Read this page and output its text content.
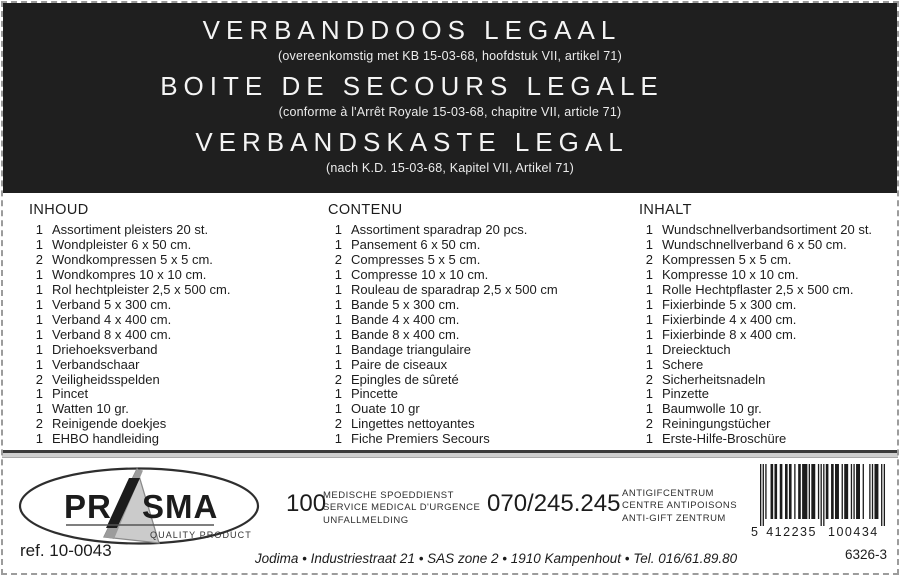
VERBANDDOOS LEGAAL
(overeenkomstig met KB 15-03-68, hoofdstuk VII, artikel 71)
BOITE DE SECOURS LEGALE
(conforme à l'Arrêt Royale 15-03-68, chapitre VII, article 71)
VERBANDSKASTE LEGAL
(nach K.D. 15-03-68, Kapitel VII, Artikel 71)
INHOUD
1 Assortiment pleisters 20 st.
1 Wondpleister 6 x 50 cm.
2 Wondkompressen 5 x 5 cm.
1 Wondkompres 10 x 10 cm.
1 Rol hechtpleister 2,5 x 500 cm.
1 Verband 5 x 300 cm.
1 Verband 4 x 400 cm.
1 Verband 8 x 400 cm.
1 Driehoeksverband
1 Verbandschaar
2 Veiligheidsspelden
1 Pincet
1 Watten 10 gr.
2 Reinigende doekjes
1 EHBO handleiding
CONTENU
1 Assortiment sparadrap 20 pcs.
1 Pansement 6 x 50 cm.
2 Compresses 5 x 5 cm.
1 Compresse 10 x 10 cm.
1 Rouleau de sparadrap 2,5 x 500 cm
1 Bande 5 x 300 cm.
1 Bande 4 x 400 cm.
1 Bande 8 x 400 cm.
1 Bandage triangulaire
1 Paire de ciseaux
2 Epingles de sûreté
1 Pincette
1 Ouate 10 gr
2 Lingettes nettoyantes
1 Fiche Premiers Secours
INHALT
1 Wundschnellverbandsortiment 20 st.
1 Wundschnellverband 6 x 50 cm.
2 Kompressen 5 x 5 cm.
1 Kompresse 10 x 10 cm.
1 Rolle Hechtpflaster 2,5 x 500 cm.
1 Fixierbinde 5 x 300 cm.
1 Fixierbinde 4 x 400 cm.
1 Fixierbinde 8 x 400 cm.
1 Dreiecktuch
1 Schere
2 Sicherheitsnadeln
1 Pinzette
1 Baumwolle 10 gr.
2 Reiningungstücher
1 Erste-Hilfe-Broschüre
PR SMA
QUALITY PRODUCT
ref. 10-0043
100
MEDISCHE SPOEDDIENST
SERVICE MEDICAL D'URGENCE
UNFALLMELDING
070/245.245 ANTIGIFCENTRUM
CENTRE ANTIPOISONS
ANTI-GIFT ZENTRUM
5 412235 100434
6326-3
Jodima • Industriestraat 21 • SAS zone 2 • 1910 Kampenhout • Tel. 016/61.89.80
